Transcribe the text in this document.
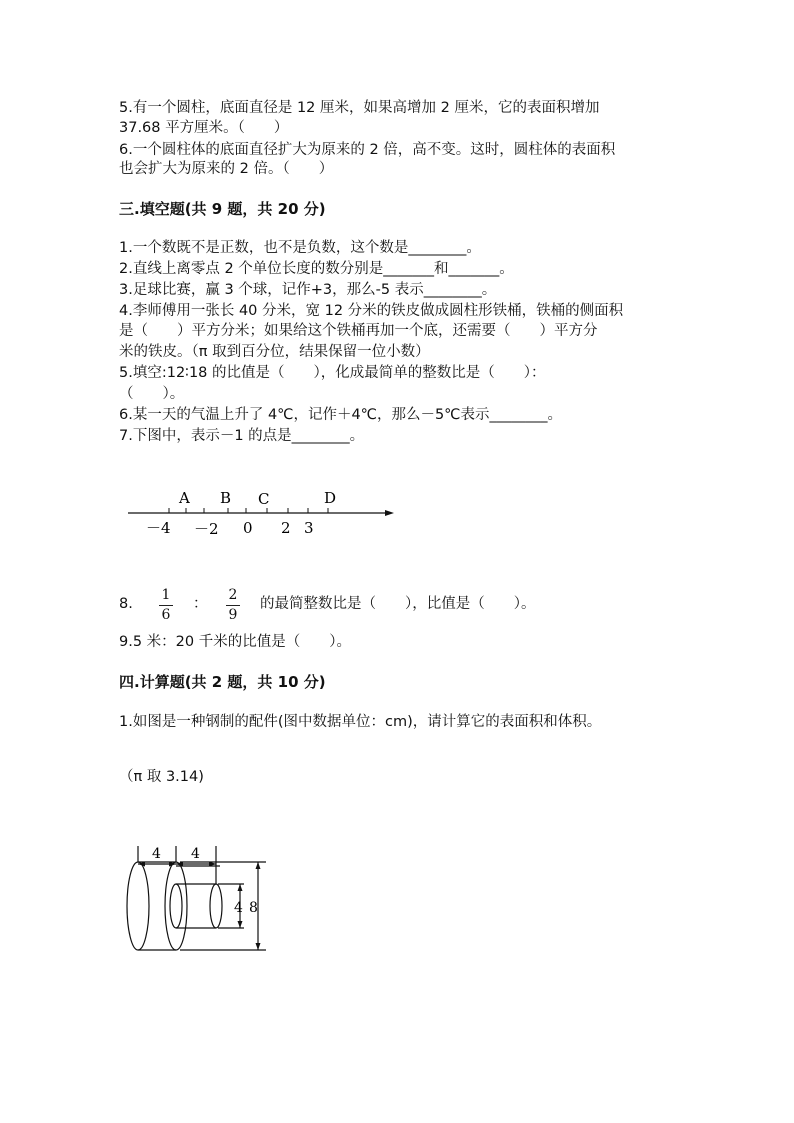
5.有一个圆柱，底面直径是 12 厘米，如果高增加 2 厘米，它的表面积增加
37.68 平方厘米。（　　）
6.一个圆柱体的底面直径扩大为原来的 2 倍，高不变。这时，圆柱体的表面积
也会扩大为原来的 2 倍。（　　）
三.填空题(共 9 题，共 20 分)
1.一个数既不是正数，也不是负数，这个数是________。
2.直线上离零点 2 个单位长度的数分别是_______和_______。
3.足球比赛，赢 3 个球，记作+3，那么-5 表示________。
4.李师傅用一张长 40 分米，宽 12 分米的铁皮做成圆柱形铁桶，铁桶的侧面积
是（　　）平方分米；如果给这个铁桶再加一个底，还需要（　　）平方分
米的铁皮。（π 取到百分位，结果保留一位小数）
5.填空:12∶18 的比值是（　　），化成最简单的整数比是（　　）：
（　　）。
6.某一天的气温上升了 4℃，记作＋4℃，那么－5℃表示________。
7.下图中，表示－1 的点是________。
A B C	D
－4 －2 0 2 3
8.
1
6
：
2
9
的最简整数比是（　　），比值是（　　）。
9.5 米：20 千米的比值是（　　）。
四.计算题(共 2 题，共 10 分)
1.如图是一种钢制的配件(图中数据单位：cm)，请计算它的表面积和体积。
（π 取 3.14)
4 4
4 8
